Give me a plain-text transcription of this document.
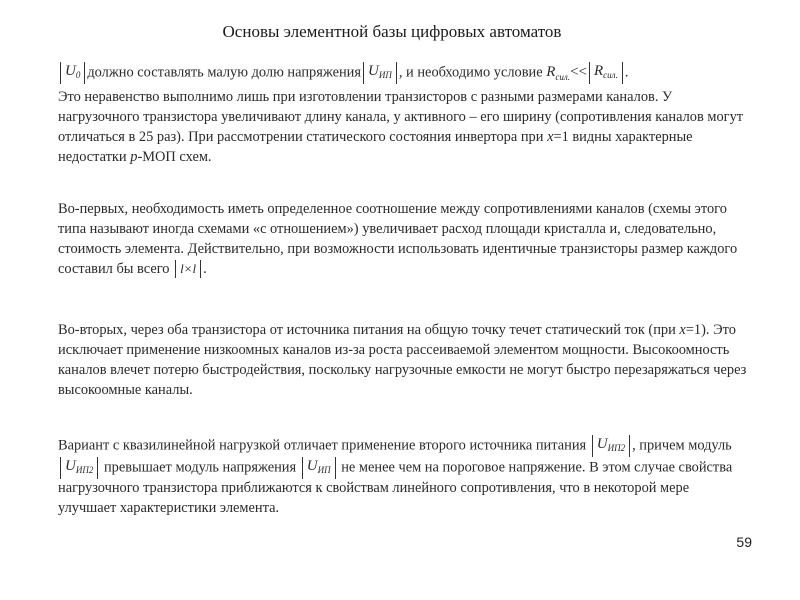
Основы элементной базы цифровых автоматов
$U_0$ должно составлять малую долю напряжения $U_{ИП}$ , и необходимо условие $R_{сил.}<< R_{сил.}$ .
Это неравенство выполнимо лишь при изготовлении транзисторов с разными размерами каналов. У нагрузочного транзистора увеличивают длину канала, у активного – его ширину (сопротивления каналов могут отличаться в 25 раз). При рассмотрении статического состояния инвертора при x=1 видны характерные недостатки p-МОП схем.
Во-первых, необходимость иметь определенное соотношение между сопротивлениями каналов (схемы этого типа называют иногда схемами «с отношением») увеличивает расход площади кристалла и, следовательно, стоимость элемента. Действительно, при возможности использовать идентичные транзисторы размер каждого составил бы всего l×l .
Во-вторых, через оба транзистора от источника питания на общую точку течет статический ток (при x=1). Это исключает применение низкоомных каналов из-за роста рассеиваемой элементом мощности. Высокоомность каналов влечет потерю быстродействия, поскольку нагрузочные емкости не могут быстро перезаряжаться через высокоомные каналы.
Вариант с квазилинейной нагрузкой отличает применение второго источника питания $U_{ИП2}$ , причем модуль $U_{ИП2}$ превышает модуль напряжения $U_{ИП}$ не менее чем на пороговое напряжение. В этом случае свойства нагрузочного транзистора приближаются к свойствам линейного сопротивления, что в некоторой мере улучшает характеристики элемента.
59
